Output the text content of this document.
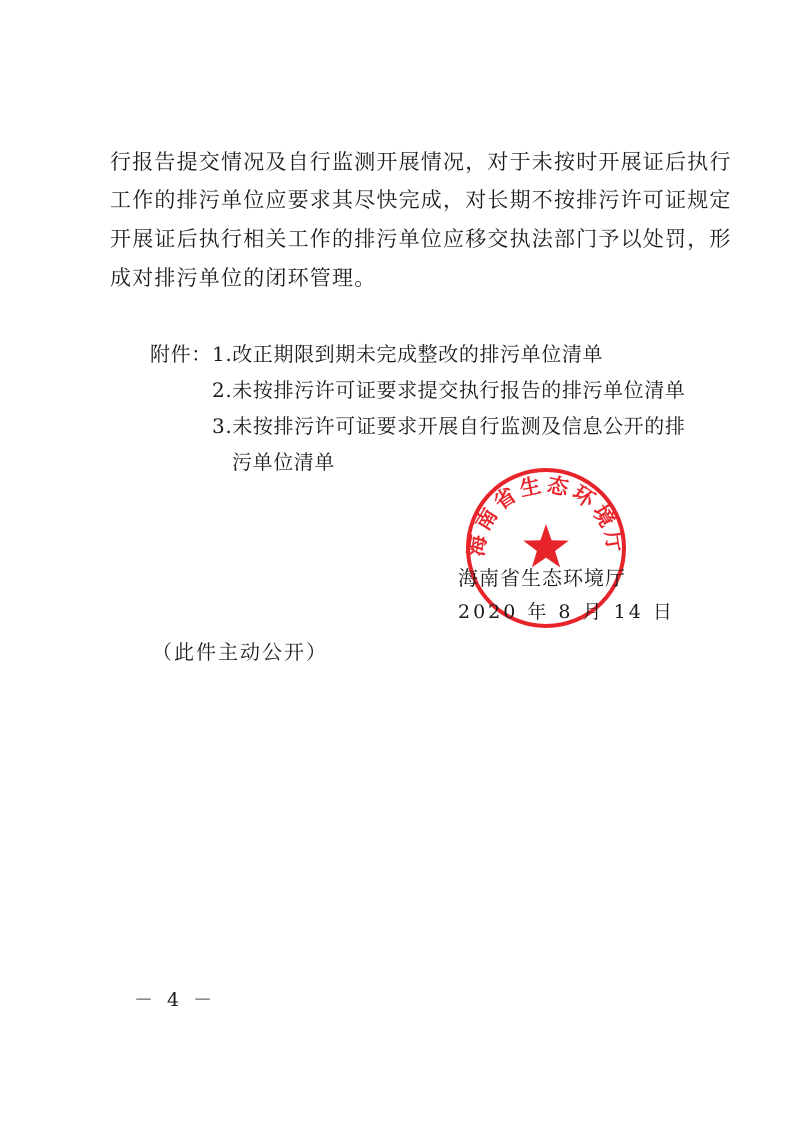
行报告提交情况及自行监测开展情况，对于未按时开展证后执行
工作的排污单位应要求其尽快完成，对长期不按排污许可证规定
开展证后执行相关工作的排污单位应移交执法部门予以处罚，形
成对排污单位的闭环管理。
附件： 1.改正期限到期未完成整改的排污单位清单
2.未按排污许可证要求提交执行报告的排污单位清单
3.未按排污许可证要求开展自行监测及信息公开的排
污单位清单
海南省生态环境厅
海南省生态环境厅
2020 年 8 月 14 日
（此件主动公开）
－ 4 －
